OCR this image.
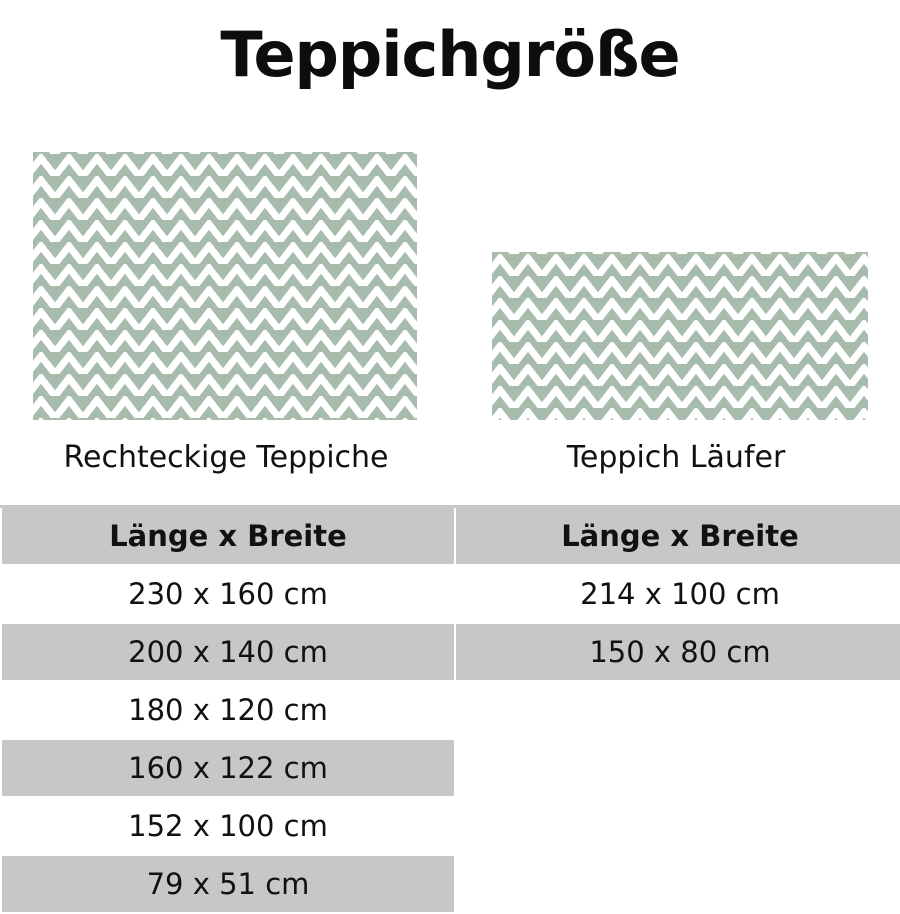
Teppichgröße
Rechteckige Teppiche	Teppich Läufer
Länge x Breite	Länge x Breite
230 x 160 cm	214 x 100 cm
200 x 140 cm	150 x 80 cm
180 x 120 cm	
160 x 122 cm	
152 x 100 cm	
79 x 51 cm	
